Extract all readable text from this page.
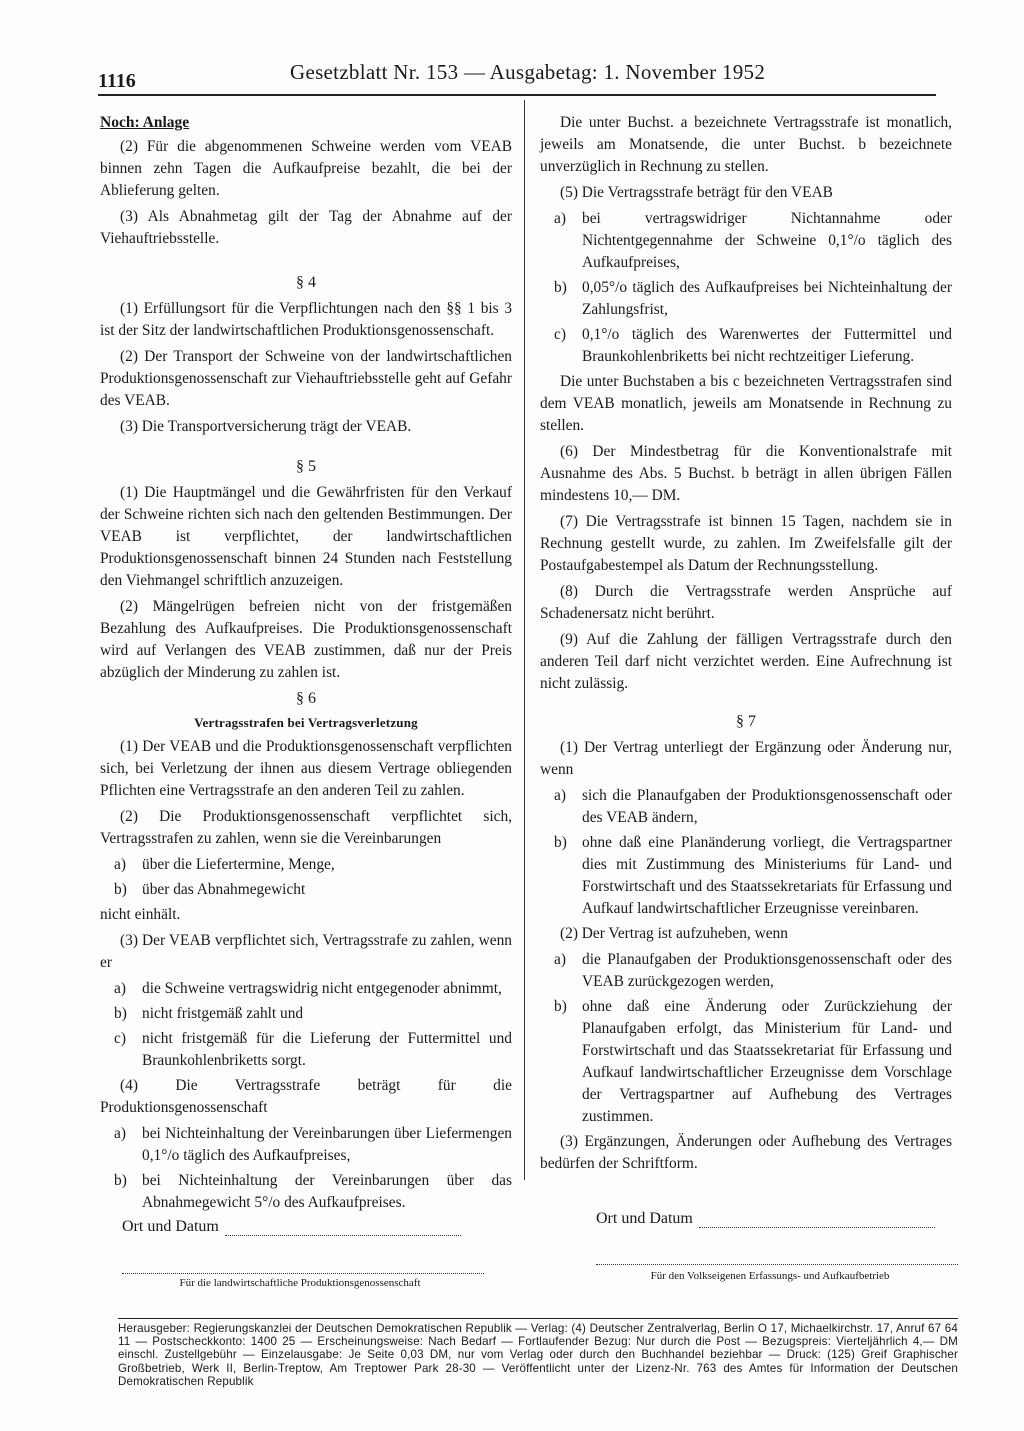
1116	Gesetzblatt Nr. 153 — Ausgabetag: 1. November 1952
Noch: Anlage

(2) Für die abgenommenen Schweine werden vom VEAB binnen zehn Tagen die Aufkaufpreise bezahlt, die bei der Ablieferung gelten.

(3) Als Abnahmetag gilt der Tag der Abnahme auf der Viehauftriebsstelle.

§ 4

(1) Erfüllungsort für die Verpflichtungen nach den §§ 1 bis 3 ist der Sitz der landwirtschaftlichen Produktionsgenossenschaft.

(2) Der Transport der Schweine von der landwirtschaftlichen Produktionsgenossenschaft zur Viehauftriebsstelle geht auf Gefahr des VEAB.

(3) Die Transportversicherung trägt der VEAB.

§ 5

(1) Die Hauptmängel und die Gewährfristen für den Verkauf der Schweine richten sich nach den geltenden Bestimmungen. Der VEAB ist verpflichtet, der landwirtschaftlichen Produktionsgenossenschaft binnen 24 Stunden nach Feststellung den Viehmangel schriftlich anzuzeigen.

(2) Mängelrügen befreien nicht von der fristgemäßen Bezahlung des Aufkaufpreises. Die Produktionsgenossenschaft wird auf Verlangen des VEAB zustimmen, daß nur der Preis abzüglich der Minderung zu zahlen ist.

§ 6
Vertragsstrafen bei Vertragsverletzung

(1) Der VEAB und die Produktionsgenossenschaft verpflichten sich, bei Verletzung der ihnen aus diesem Vertrage obliegenden Pflichten eine Vertragsstrafe an den anderen Teil zu zahlen.

(2) Die Produktionsgenossenschaft verpflichtet sich, Vertragsstrafen zu zahlen, wenn sie die Vereinbarungen

a)	über die Liefertermine, Menge,
b) über das Abnahmegewicht

nicht einhält.

(3) Der VEAB verpflichtet sich, Vertragsstrafe zu zahlen, wenn er

a)	die Schweine vertragswidrig nicht entgegenoder abnimmt,
b) nicht fristgemäß zahlt und
c)	nicht fristgemäß für die Lieferung der Futtermittel und Braunkohlenbriketts sorgt.

(4) Die Vertragsstrafe beträgt für die Produktionsgenossenschaft

a)	bei Nichteinhaltung der Vereinbarungen über Liefermengen 0,1°/o täglich des Aufkaufpreises,
b) bei Nichteinhaltung der Vereinbarungen über das Abnahmegewicht 5°/o des Aufkaufpreises.

Die unter Buchst. a bezeichnete Vertragsstrafe ist monatlich, jeweils am Monatsende, die unter Buchst. b bezeichnete unverzüglich in Rechnung zu stellen.

(5) Die Vertragsstrafe beträgt für den VEAB

a)	bei vertragswidriger Nichtannahme oder Nichtentgegennahme der Schweine 0,1°/o täglich des Aufkaufpreises,
b) 0,05°/o täglich des Aufkaufpreises bei Nichteinhaltung der Zahlungsfrist,
c)	0,1°/o täglich des Warenwertes der Futtermittel und Braunkohlenbriketts bei nicht rechtzeitiger Lieferung.

Die unter Buchstaben a bis c bezeichneten Vertragsstrafen sind dem VEAB monatlich, jeweils am Monatsende in Rechnung zu stellen.

(6) Der Mindestbetrag für die Konventionalstrafe mit Ausnahme des Abs. 5 Buchst. b beträgt in allen übrigen Fällen mindestens 10,— DM.

(7) Die Vertragsstrafe ist binnen 15 Tagen, nachdem sie in Rechnung gestellt wurde, zu zahlen. Im Zweifelsfalle gilt der Postaufgabestempel als Datum der Rechnungsstellung.

(8) Durch die Vertragsstrafe werden Ansprüche auf Schadenersatz nicht berührt.

(9) Auf die Zahlung der fälligen Vertragsstrafe durch den anderen Teil darf nicht verzichtet werden. Eine Aufrechnung ist nicht zulässig.

§ 7

(1) Der Vertrag unterliegt der Ergänzung oder Änderung nur, wenn

a)	sich die Planaufgaben der Produktionsgenossenschaft oder des VEAB ändern,
b) ohne daß eine Planänderung vorliegt, die Vertragspartner dies mit Zustimmung des Ministeriums für Land- und Forstwirtschaft und des Staatssekretariats für Erfassung und Aufkauf landwirtschaftlicher Erzeugnisse vereinbaren.

(2) Der Vertrag ist aufzuheben, wenn

a)	die Planaufgaben der Produktionsgenossenschaft oder des VEAB zurückgezogen werden,
b) ohne daß eine Änderung oder Zurückziehung der Planaufgaben erfolgt, das Ministerium für Land- und Forstwirtschaft und das Staatssekretariat für Erfassung und Aufkauf landwirtschaftlicher Erzeugnisse dem Vorschlage der Vertragspartner auf Aufhebung des Vertrages zustimmen.

(3) Ergänzungen, Änderungen oder Aufhebung des Vertrages bedürfen der Schriftform.

Ort und Datum	Ort und Datum
Für die landwirtschaftliche Produktionsgenossenschaft
Für den Volkseigenen Erfassungs- und Aufkaufbetrieb
Herausgeber: Regierungskanzlei der Deutschen Demokratischen Republik — Verlag: (4) Deutscher Zentralverlag, Berlin O 17, Michaelkirchstr. 17, Anruf 67 64 11 — Postscheckkonto: 1400 25 — Erscheinungsweise: Nach Bedarf — Fortlaufender Bezug: Nur durch die Post — Bezugspreis: Vierteljährlich 4,— DM einschl. Zustellgebühr — Einzelausgabe: Je Seite 0,03 DM, nur vom Verlag oder durch den Buchhandel beziehbar — Druck: (125) Greif Graphischer Großbetrieb, Werk II, Berlin-Treptow, Am Treptower Park 28-30 — Veröffentlicht unter der Lizenz-Nr. 763 des Amtes für Information der Deutschen Demokratischen Republik
